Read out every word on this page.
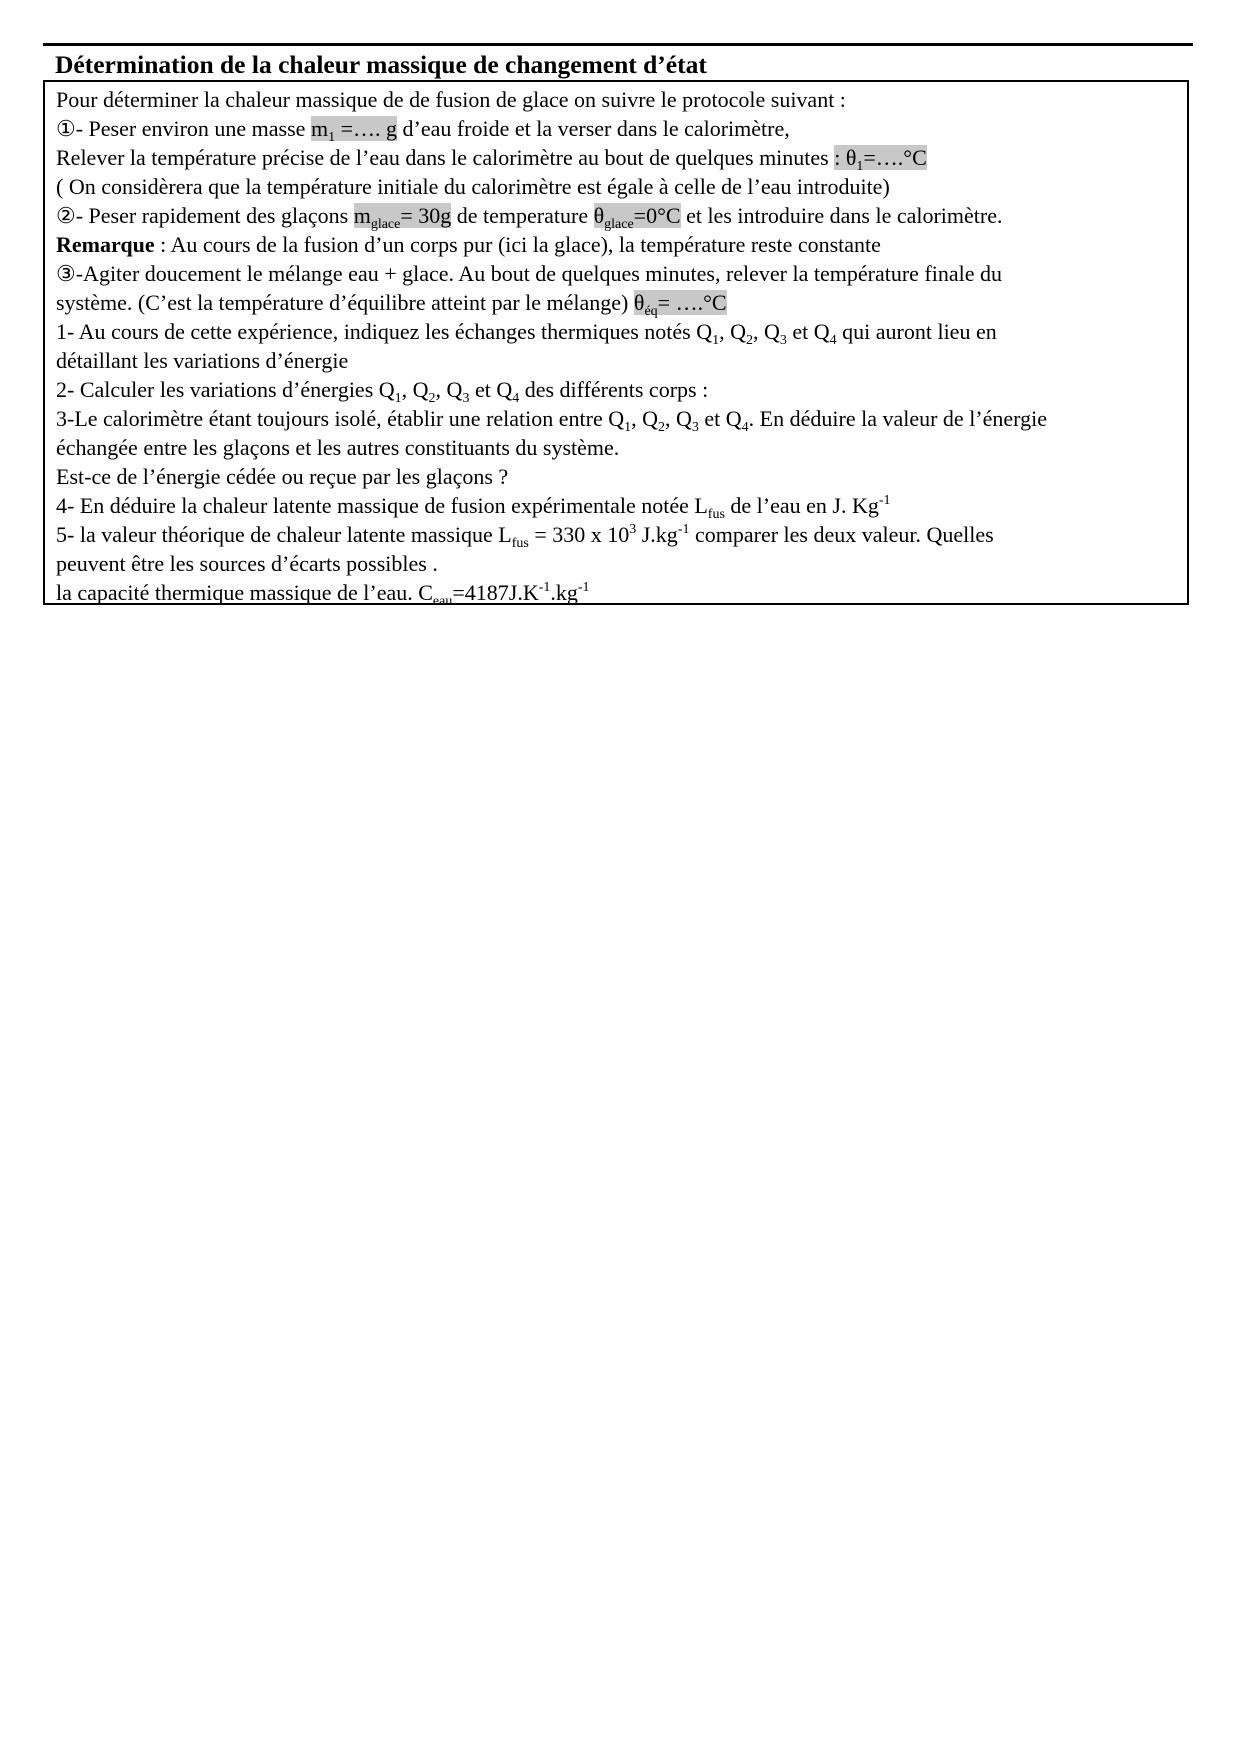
Détermination de la chaleur massique de changement d’état
Pour déterminer la chaleur massique de de fusion de glace on suivre le protocole suivant :
①- Peser environ une masse $m_1$ =…. g d’eau froide et la verser dans le calorimètre,
Relever la température précise de l’eau dans le calorimètre au bout de quelques minutes : $\theta_1=\dots.^\circ C$
( On considèrera que la température initiale du calorimètre est égale à celle de l’eau introduite)
②- Peser rapidement des glaçons $m_{glace}= 30g$ de temperature $\theta_{glace}=0^\circ C$ et les introduire dans le calorimètre.
Remarque : Au cours de la fusion d’un corps pur (ici la glace), la température reste constante
③-Agiter doucement le mélange eau + glace. Au bout de quelques minutes, relever la température finale du
système. (C’est la température d’équilibre atteint par le mélange) $\theta_{éq}=$ ….°C
1- Au cours de cette expérience, indiquez les échanges thermiques notés $Q_1$, $Q_2$, $Q_3$ et $Q_4$ qui auront lieu en
détaillant les variations d’énergie
2- Calculer les variations d’énergies $Q_1$, $Q_2$, $Q_3$ et $Q_4$ des différents corps :
3-Le calorimètre étant toujours isolé, établir une relation entre $Q_1$, $Q_2$, $Q_3$ et $Q_4$. En déduire la valeur de l’énergie
échangée entre les glaçons et les autres constituants du système.
Est-ce de l’énergie cédée ou reçue par les glaçons ?
4- En déduire la chaleur latente massique de fusion expérimentale notée $L_{fus}$ de l’eau en J. $Kg^{-1}$
5- la valeur théorique de chaleur latente massique $L_{fus} = 330$ x $10^3$ $J.kg^{-1}$ comparer les deux valeur. Quelles
peuvent être les sources d’écarts possibles .
la capacité thermique massique de l’eau. $C_{eau}=4187J.K^{-1}.kg^{-1}$
